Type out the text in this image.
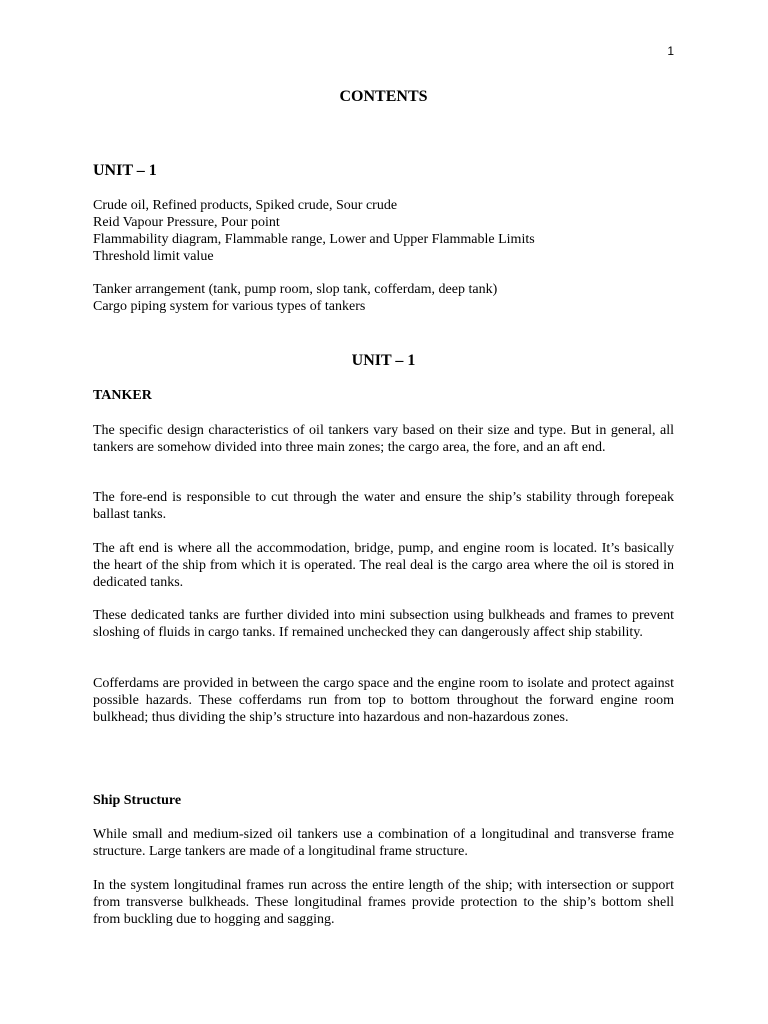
1
CONTENTS
UNIT – 1
Crude oil, Refined products, Spiked crude, Sour crude
Reid Vapour Pressure, Pour point
Flammability diagram, Flammable range, Lower and Upper Flammable Limits
Threshold limit value
Tanker arrangement (tank, pump room, slop tank, cofferdam, deep tank)
Cargo piping system for various types of tankers
UNIT – 1
TANKER

The specific design characteristics of oil tankers vary based on their size and type. But in general, all tankers are somehow divided into three main zones; the cargo area, the fore, and an aft end.

The fore-end is responsible to cut through the water and ensure the ship’s stability through forepeak ballast tanks.

The aft end is where all the accommodation, bridge, pump, and engine room is located. It’s basically the heart of the ship from which it is operated. The real deal is the cargo area where the oil is stored in dedicated tanks.

These dedicated tanks are further divided into mini subsection using bulkheads and frames to prevent sloshing of fluids in cargo tanks. If remained unchecked they can dangerously affect ship stability.

Cofferdams are provided in between the cargo space and the engine room to isolate and protect against possible hazards. These cofferdams run from top to bottom throughout the forward engine room bulkhead; thus dividing the ship’s structure into hazardous and non-hazardous zones.

Ship Structure

While small and medium-sized oil tankers use a combination of a longitudinal and transverse frame structure. Large tankers are made of a longitudinal frame structure.

In the system longitudinal frames run across the entire length of the ship; with intersection or support from transverse bulkheads. These longitudinal frames provide protection to the ship’s bottom shell from buckling due to hogging and sagging.
